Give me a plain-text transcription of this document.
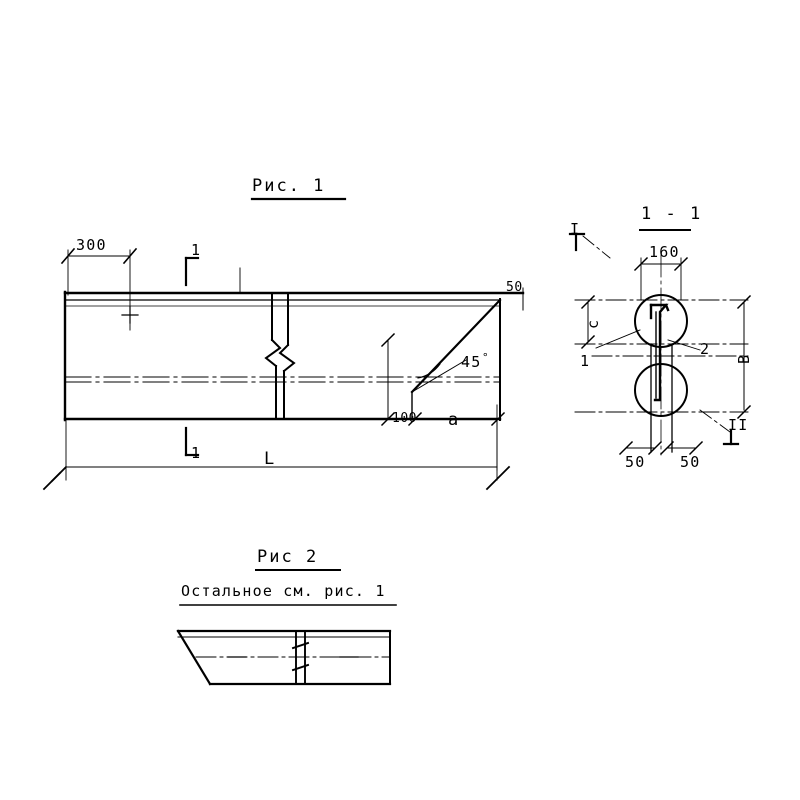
Рис. 1
300
50
1
1
100
45 °
a
L
1 - 1
160
c
B
50 50
1
2
I
II
Рис 2
Остальное см. рис. 1
